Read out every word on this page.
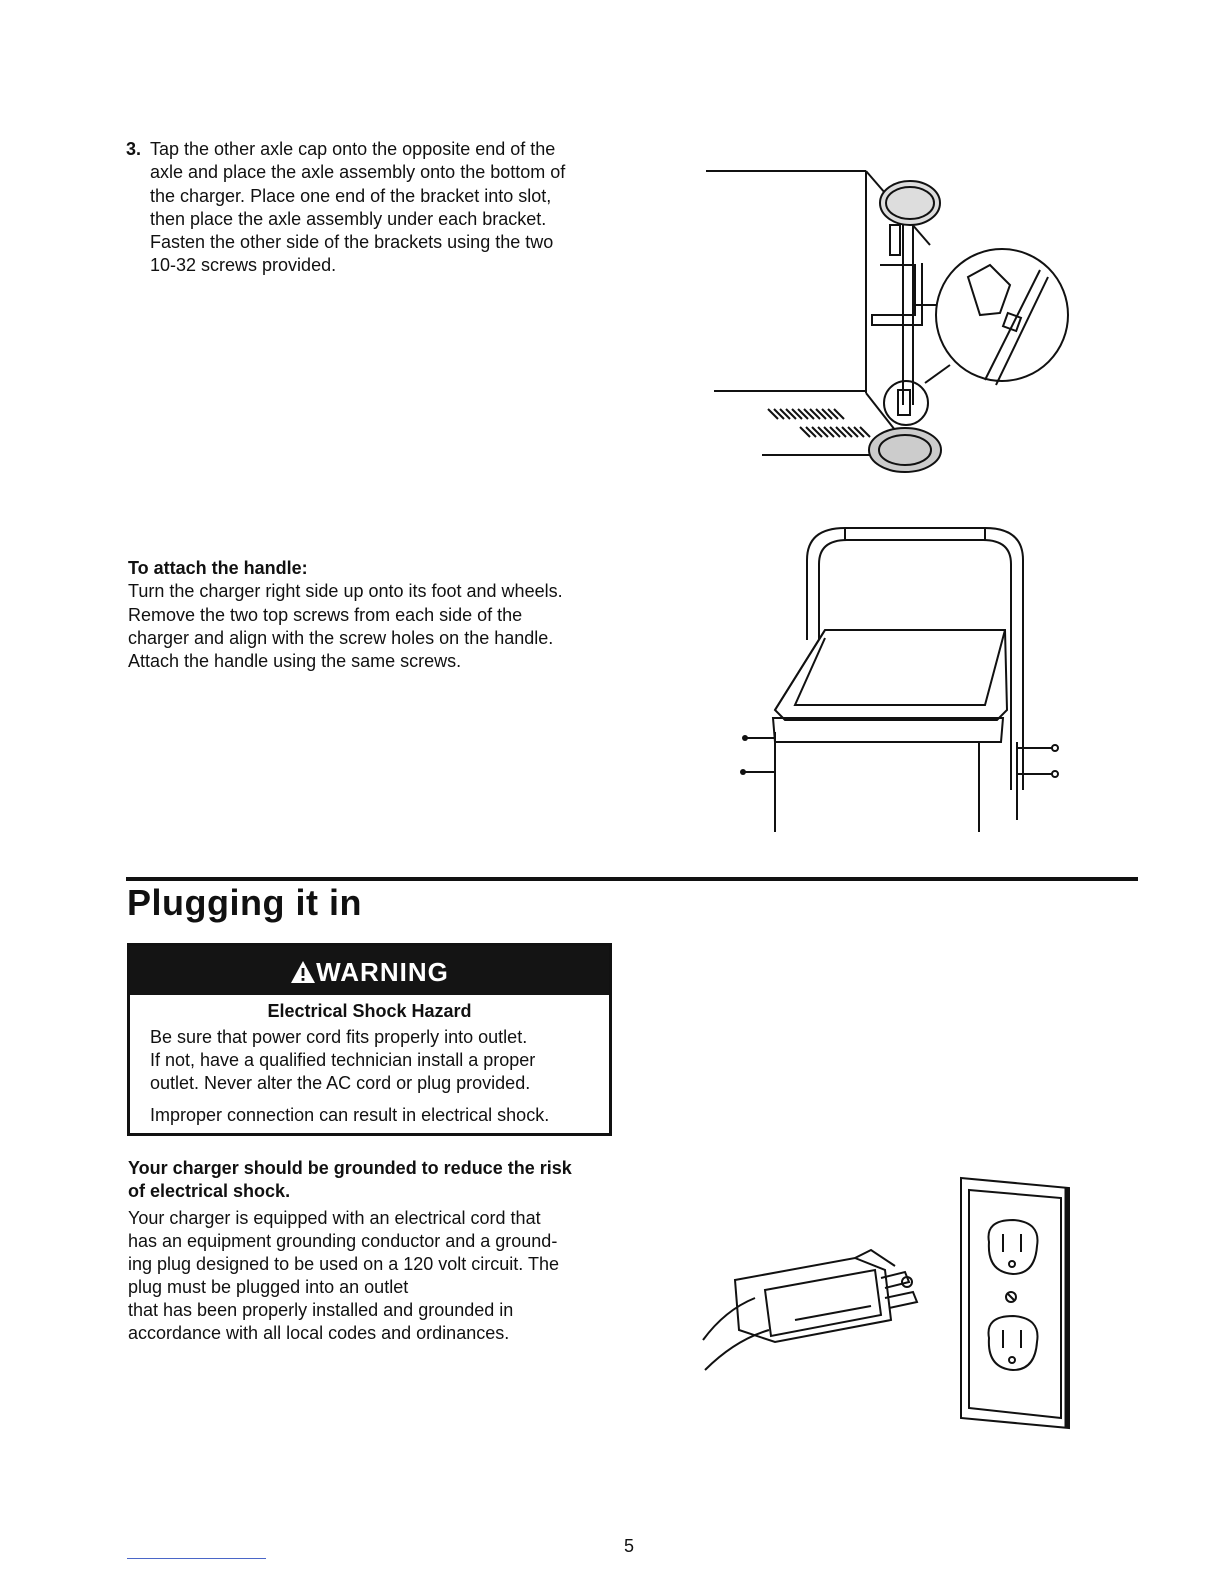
3. Tap the other axle cap onto the opposite end of the
axle and place the axle assembly onto the bottom of
the charger. Place one end of the bracket into slot,
then place the axle assembly under each bracket.
Fasten the other side of the brackets using the two
10-32 screws provided.
To attach the handle:
Turn the charger right side up onto its foot and wheels.
Remove the two top screws from each side of the
charger and align with the screw holes on the handle.
Attach the handle using the same screws.
Plugging it in
WARNING
Electrical Shock Hazard
Be sure that power cord fits properly into outlet.
If not, have a qualified technician install a proper
outlet. Never alter the AC cord or plug provided.
Improper connection can result in electrical shock.
Your charger should be grounded to reduce the risk
of electrical shock.
Your charger is equipped with an electrical cord that
has an equipment grounding conductor and a ground-
ing plug designed to be used on a 120 volt circuit. The
plug must be plugged into an outlet
that has been properly installed and grounded in
accordance with all local codes and ordinances.
5
